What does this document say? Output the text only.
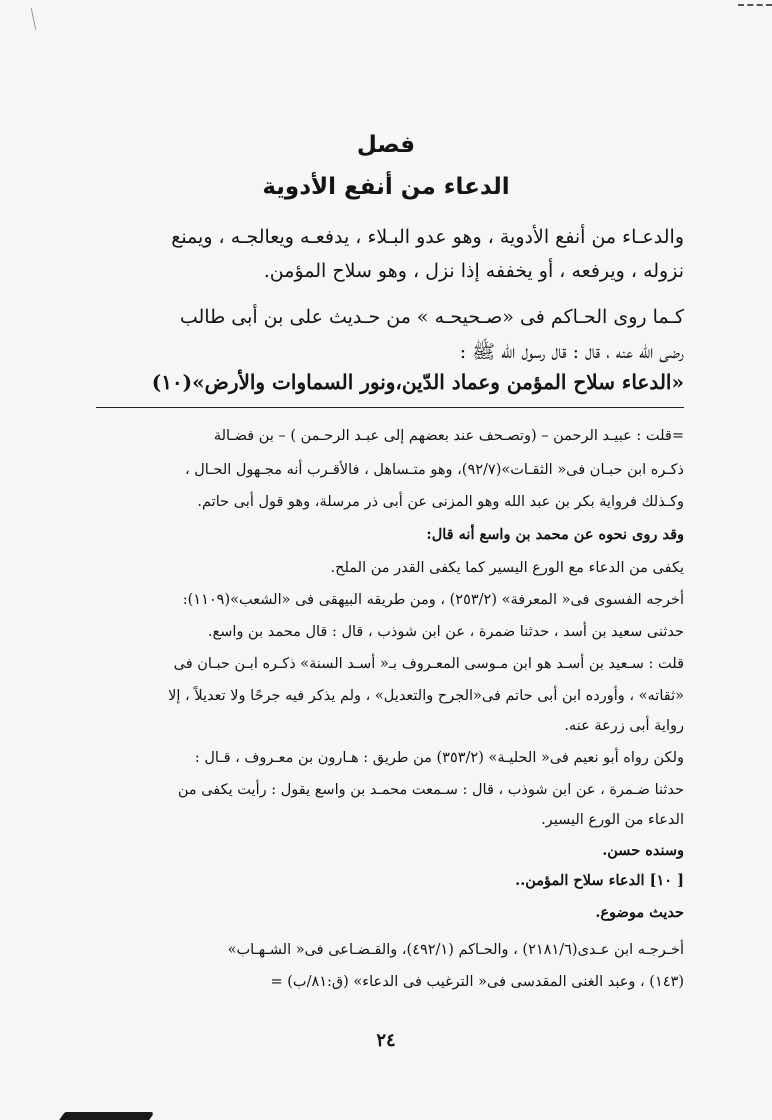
فصل
الدعاء من أنفع الأدوية
والدعـاء من أنفع الأدوية ، وهو عدو البـلاء ، يدفعـه ويعالجـه ، ويمنع
نزوله ، ويرفعه ، أو يخففه إذا نزل ، وهو سلاح المؤمن.
كـما روى الحـاكم فى «صـحيحـه » من حـديث على بن أبى طالب
رضى اللّه عنه ، قال : قال رسول الله ﷺ :
«الدعاء سلاح المؤمن وعماد الدّين،ونور السماوات والأرض»(١٠)
=قلت : عبيـد الرحمن – (وتصـحف عند بعضهم إلى عبـد الرحـمن ) – بن فضـالة
ذكـره ابن حبـان فى« الثقـات»(٩٢/٧)، وهو متـساهل ، فالأقـرب أنه مجـهول الحـال ،
وكـذلك فرواية بكر بن عبد الله وهو المزنى عن أبى ذر مرسلة، وهو قول أبى حاتم.
وقد روى نحوه عن محمد بن واسع أنه قال:
يكفى من الدعاء مع الورع اليسير كما يكفى القدر من الملح.
أخرجه الفسوى فى« المعرفة» (٢٥٣/٢) ، ومن طريقه البيهقى فى «الشعب»(١١٠٩):
حدثنى سعيد بن أسد ، حدثنا ضمرة ، عن ابن شوذب ، قال : قال محمد بن واسع.
قلت : سـعيد بن أسـد هو ابن مـوسى المعـروف بـ« أسـد السنة» ذكـره ابـن حبـان فى
«ثقاته» ، وأورده ابن أبى حاتم فى«الجرح والتعديل» ، ولم يذكر فيه جرحًا ولا تعديلاً ، إلا
رواية أبى زرعة عنه.
ولكن رواه أبو نعيم فى« الحليـة» (٣٥٣/٢) من طريق : هـارون بن معـروف ، قـال :
حدثنا ضـمرة ، عن ابن شوذب ، قال : سـمعت محمـد بن واسع يقول : رأيت يكفى من
الدعاء من الورع اليسير.
وسنده حسن.
[ ١٠] الدعاء سلاح المؤمن..
حديث موضوع.
أخـرجـه ابن عـدى(٢١٨١/٦) ، والحـاكم (٤٩٢/١)، والقـضـاعى فى« الشـهـاب»
(١٤٣) ، وعبد الغنى المقدسى فى« الترغيب فى الدعاء» (ق:٨١/ب) =
٢٤
